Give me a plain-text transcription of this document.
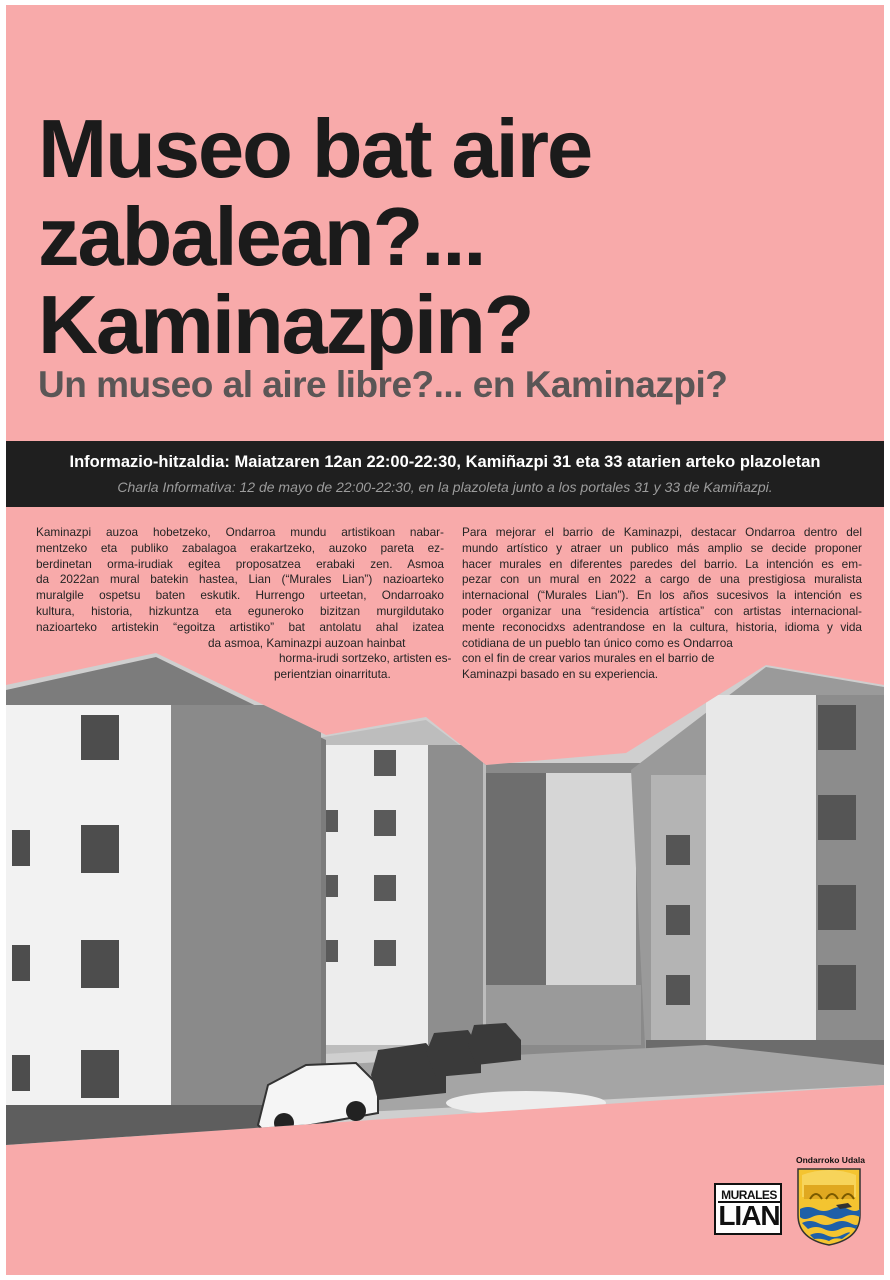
Museo bat aire
zabalean?...
Kaminazpin?
Un museo al aire libre?... en Kaminazpi?
Informazio-hitzaldia: Maiatzaren 12an 22:00-22:30, Kamiñazpi 31 eta 33 atarien arteko plazoletan
Charla Informativa: 12 de mayo de 22:00-22:30, en la plazoleta junto a los portales 31 y 33 de Kamiñazpi.
Kaminazpi auzoa hobetzeko, Ondarroa mundu artistikoan nabar-
mentzeko eta publiko zabalagoa erakartzeko, auzoko pareta ez-
berdinetan orma-irudiak egitea proposatzea erabaki zen. Asmoa
da 2022an mural batekin hastea, Lian (“Murales Lian”) nazioarteko
muralgile ospetsu baten eskutik. Hurrengo urteetan, Ondarroako
kultura, historia, hizkuntza eta eguneroko bizitzan murgildutako
nazioarteko artistekin “egoitza artistiko” bat antolatu ahal izatea
da asmoa, Kaminazpi auzoan hainbat
horma-irudi sortzeko, artisten es-
perientzian oinarrituta.
Para mejorar el barrio de Kaminazpi, destacar Ondarroa dentro del
mundo artístico y atraer un publico más amplio se decide proponer
hacer murales en diferentes paredes del barrio. La intención es em-
pezar con un mural en 2022 a cargo de una prestigiosa muralista
internacional (“Murales Lian”). En los años sucesivos la intención es
poder organizar una “residencia artística” con artistas internacional-
mente reconocidxs adentrandose en la cultura, historia, idioma y vida
cotidiana de un pueblo tan único como es Ondarroa
con el fin de crear varios murales en el barrio de
Kaminazpi basado en su experiencia.
MURALES
LIAN
Ondarroko Udala
